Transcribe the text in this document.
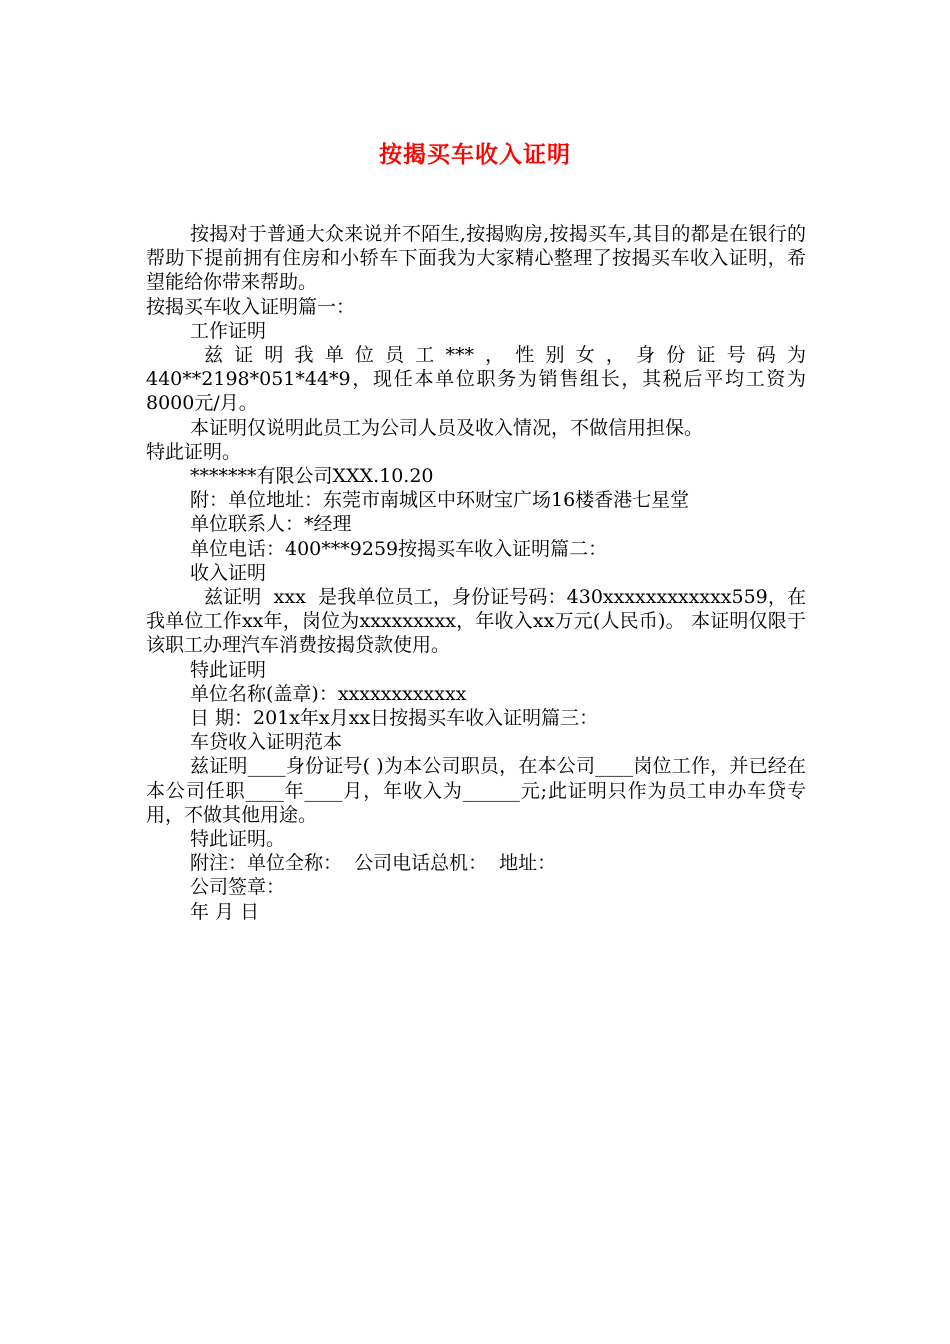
按揭买车收入证明

按揭对于普通大众来说并不陌生,按揭购房,按揭买车,其目的都是在银行的帮助下提前拥有住房和小轿车下面我为大家精心整理了按揭买车收入证明，希望能给你带来帮助。

按揭买车收入证明篇一：

工作证明

兹证明我单位员工***，性别女，身份证号码为440**2198*051*44*9，现任本单位职务为销售组长，其税后平均工资为8000元/月。

本证明仅说明此员工为公司人员及收入情况，不做信用担保。

特此证明。

*******有限公司XXX.10.20

附：单位地址：东莞市南城区中环财宝广场16楼香港七星堂

单位联系人：*经理

单位电话：400***9259按揭买车收入证明篇二：

收入证明

兹证明  xxx  是我单位员工，身份证号码：430xxxxxxxxxxxx559，在我单位工作xx年，岗位为xxxxxxxxx，年收入xx万元(人民币)。 本证明仅限于该职工办理汽车消费按揭贷款使用。

特此证明

单位名称(盖章)：xxxxxxxxxxxx

日 期：201x年x月xx日按揭买车收入证明篇三：

车贷收入证明范本

兹证明____身份证号( )为本公司职员，在本公司____岗位工作，并已经在本公司任职____年____月，年收入为______元;此证明只作为员工申办车贷专用，不做其他用途。

特此证明。

附注：单位全称：  公司电话总机：  地址：

公司签章：

年 月 日
